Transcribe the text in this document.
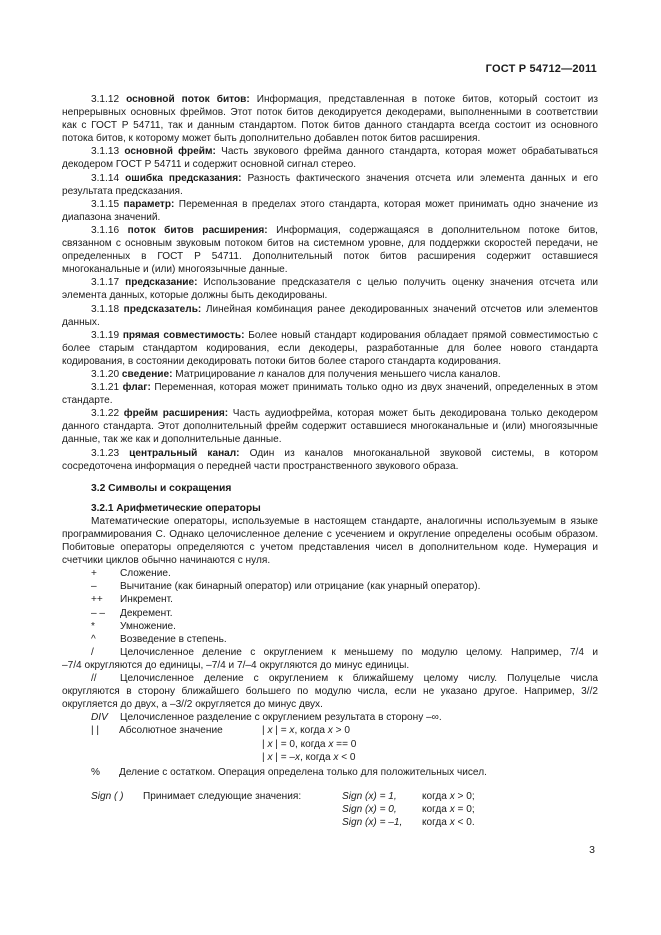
ГОСТ Р 54712—2011

3.1.12 основной поток битов: Информация, представленная в потоке битов, который состоит из непрерывных основных фреймов. Этот поток битов декодируется декодерами, выполненными в соответствии как с ГОСТ Р 54711, так и данным стандартом. Поток битов данного стандарта всегда состоит из основного потока битов, к которому может быть дополнительно добавлен поток битов расширения.

3.1.13 основной фрейм: Часть звукового фрейма данного стандарта, которая может обрабатываться декодером ГОСТ Р 54711 и содержит основной сигнал стерео.

3.1.14 ошибка предсказания: Разность фактического значения отсчета или элемента данных и его результата предсказания.

3.1.15 параметр: Переменная в пределах этого стандарта, которая может принимать одно значение из диапазона значений.

3.1.16 поток битов расширения: Информация, содержащаяся в дополнительном потоке битов, связанном с основным звуковым потоком битов на системном уровне, для поддержки скоростей передачи, не определенных в ГОСТ Р 54711. Дополнительный поток битов расширения содержит оставшиеся многоканальные и (или) многоязычные данные.

3.1.17 предсказание: Использование предсказателя с целью получить оценку значения отсчета или элемента данных, которые должны быть декодированы.

3.1.18 предсказатель: Линейная комбинация ранее декодированных значений отсчетов или элементов данных.

3.1.19 прямая совместимость: Более новый стандарт кодирования обладает прямой совместимостью с более старым стандартом кодирования, если декодеры, разработанные для более нового стандарта кодирования, в состоянии декодировать потоки битов более старого стандарта кодирования.

3.1.20 сведение: Матрицирование n каналов для получения меньшего числа каналов.

3.1.21 флаг: Переменная, которая может принимать только одно из двух значений, определенных в этом стандарте.

3.1.22 фрейм расширения: Часть аудиофрейма, которая может быть декодирована только декодером данного стандарта. Этот дополнительный фрейм содержит оставшиеся многоканальные и (или) многоязычные данные, так же как и дополнительные данные.

3.1.23 центральный канал: Один из каналов многоканальной звуковой системы, в котором сосредоточена информация о передней части пространственного звукового образа.

3.2 Символы и сокращения
3.2.1 Арифметические операторы

Математические операторы, используемые в настоящем стандарте, аналогичны используемым в языке программирования С. Однако целочисленное деление с усечением и округление определены особым образом. Побитовые операторы определяются с учетом представления чисел в дополнительном коде. Нумерация и счетчики циклов обычно начинаются с нуля.

+	Сложение.
–	Вычитание (как бинарный оператор) или отрицание (как унарный оператор).
++	Инкремент.
– –	Декремент.
*	Умножение.
^	Возведение в степень.
/	Целочисленное деление с округлением к меньшему по модулю целому. Например, 7/4 и
–7/4 округляются до единицы, –7/4 и 7/–4 округляются до минус единицы.
//	Целочисленное деление с округлением к ближайшему целому числу. Полуцелые числа
округляются в сторону ближайшего большего по модулю числа, если не указано другое. Например, 3//2 округляется до двух, а –3//2 округляется до минус двух.
DIV	Целочисленное разделение с округлением результата в сторону –∞.
| |	Абсолютное значение	| x | = x, когда x > 0
| x | = 0, когда x == 0
| x | = –x, когда x < 0
%	Деление с остатком. Операция определена только для положительных чисел.
Sign ( )	Принимает следующие значения:	Sign (x) = 1,	когда x > 0;
Sign (x) = 0,	когда x = 0;
Sign (x) = –1,	когда x < 0.
3
